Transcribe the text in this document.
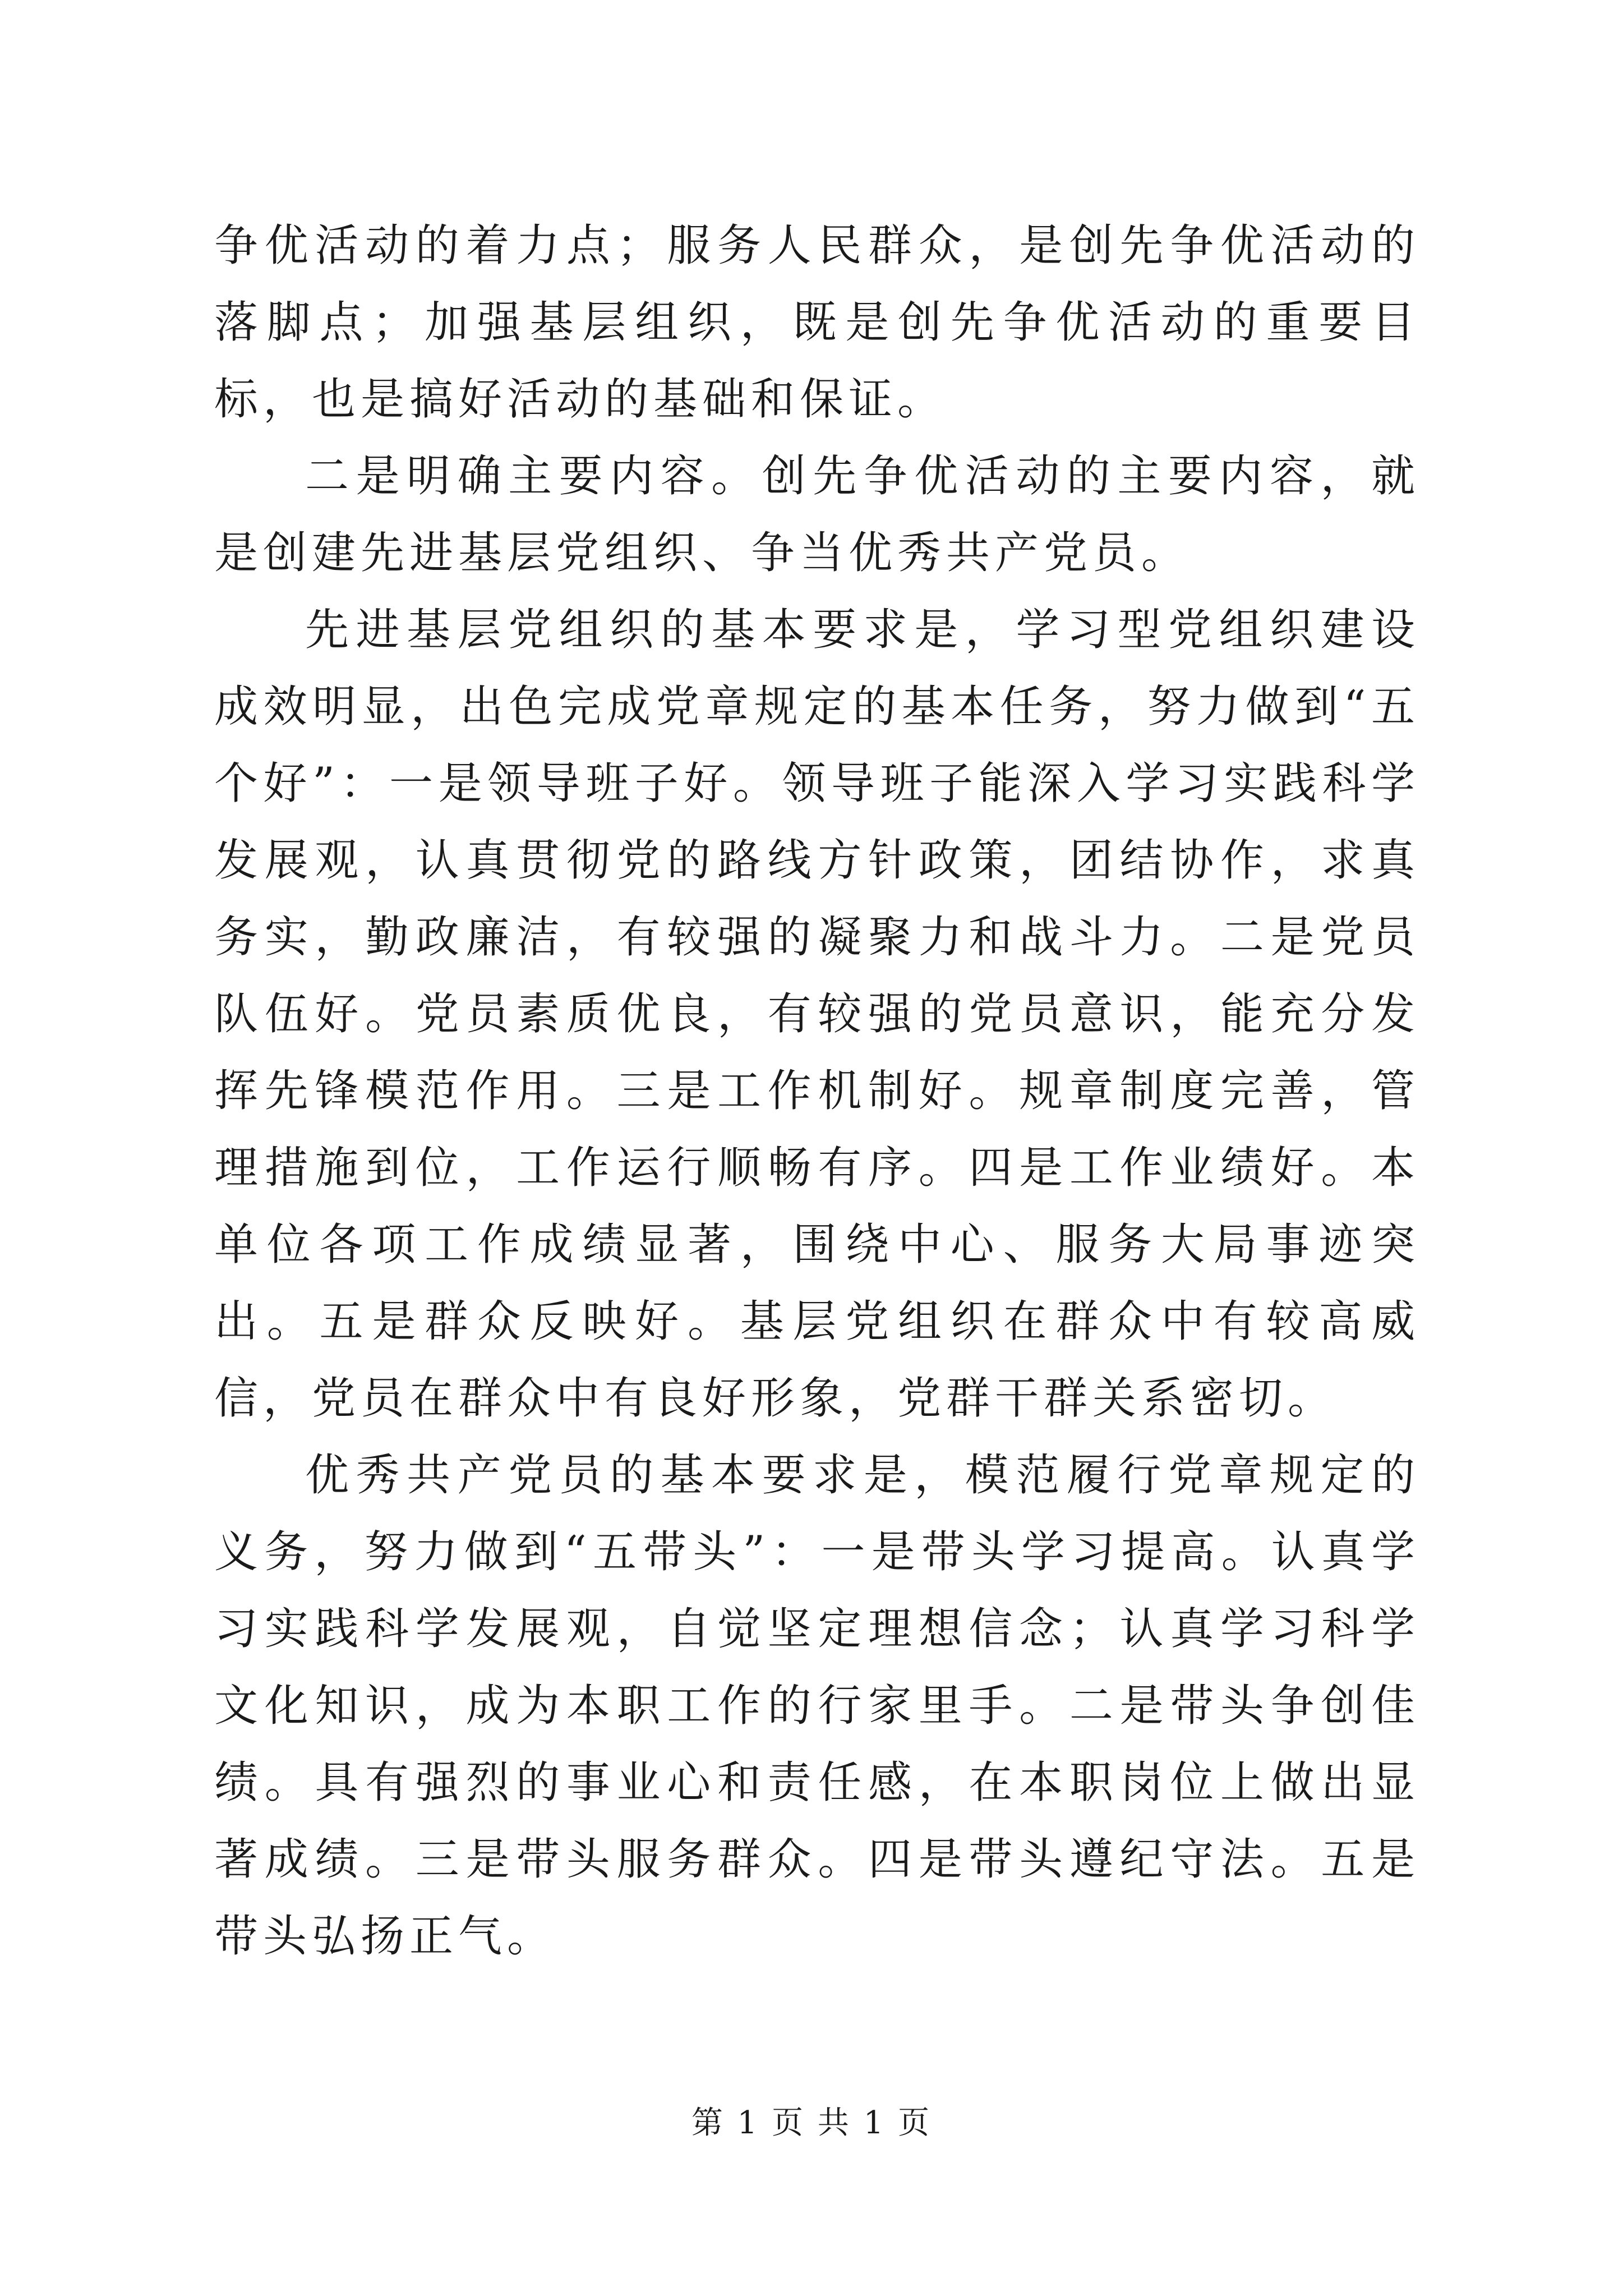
争优活动的着力点；服务人民群众，是创先争优活动的落脚点；加强基层组织，既是创先争优活动的重要目标，也是搞好活动的基础和保证。

二是明确主要内容。创先争优活动的主要内容，就是创建先进基层党组织、争当优秀共产党员。

先进基层党组织的基本要求是，学习型党组织建设成效明显，出色完成党章规定的基本任务，努力做到“五个好”：一是领导班子好。领导班子能深入学习实践科学发展观，认真贯彻党的路线方针政策，团结协作，求真务实，勤政廉洁，有较强的凝聚力和战斗力。二是党员队伍好。党员素质优良，有较强的党员意识，能充分发挥先锋模范作用。三是工作机制好。规章制度完善，管理措施到位，工作运行顺畅有序。四是工作业绩好。本单位各项工作成绩显著，围绕中心、服务大局事迹突出。五是群众反映好。基层党组织在群众中有较高威信，党员在群众中有良好形象，党群干群关系密切。

优秀共产党员的基本要求是，模范履行党章规定的义务，努力做到“五带头”：一是带头学习提高。认真学习实践科学发展观，自觉坚定理想信念；认真学习科学文化知识，成为本职工作的行家里手。二是带头争创佳绩。具有强烈的事业心和责任感，在本职岗位上做出显著成绩。三是带头服务群众。四是带头遵纪守法。五是带头弘扬正气。

第 1 页 共 1 页
